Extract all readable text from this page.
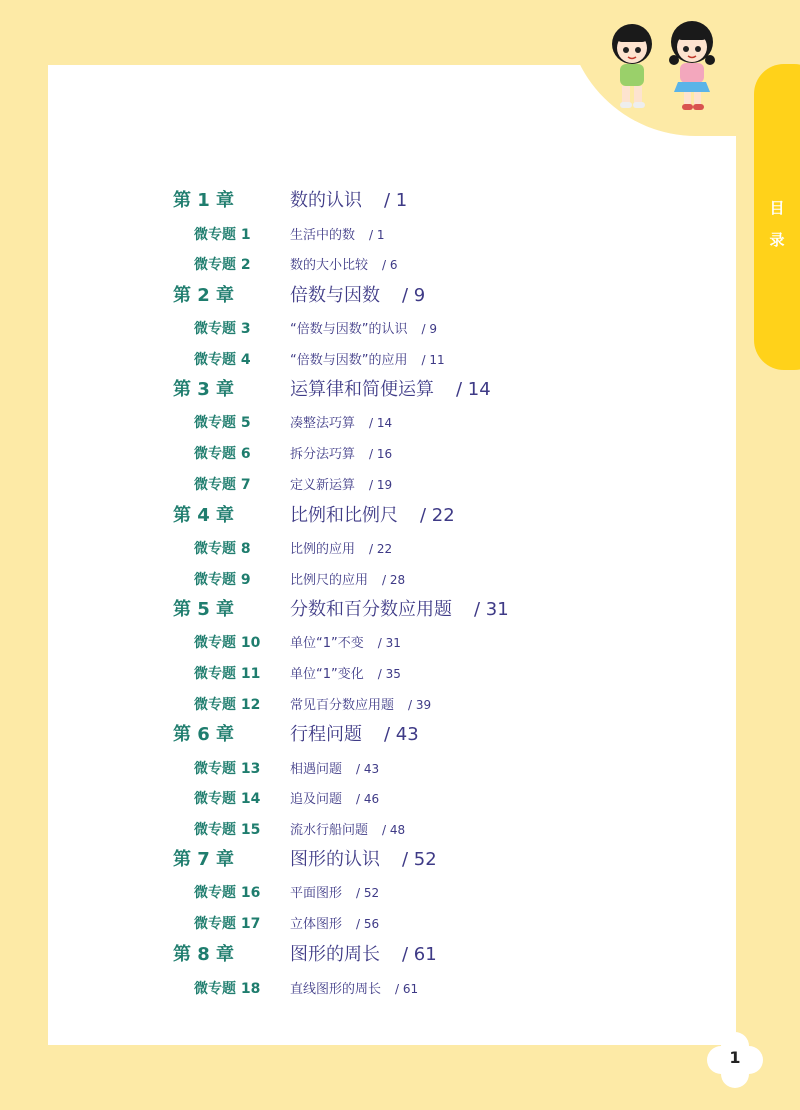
目
录
第 1 章	数的认识 / 1
微专题 1	生活中的数 / 1
微专题 2	数的大小比较 / 6
第 2 章	倍数与因数 / 9
微专题 3	“倍数与因数”的认识 / 9
微专题 4	“倍数与因数”的应用 / 11
第 3 章	运算律和简便运算 / 14
微专题 5	凑整法巧算 / 14
微专题 6	拆分法巧算 / 16
微专题 7	定义新运算 / 19
第 4 章	比例和比例尺 / 22
微专题 8	比例的应用 / 22
微专题 9	比例尺的应用 / 28
第 5 章	分数和百分数应用题 / 31
微专题 10 单位“1”不变 / 31
微专题 11 单位“1”变化 / 35
微专题 12 常见百分数应用题 / 39
第 6 章	行程问题 / 43
微专题 13 相遇问题 / 43
微专题 14 追及问题 / 46
微专题 15 流水行船问题 / 48
第 7 章	图形的认识 / 52
微专题 16 平面图形 / 52
微专题 17 立体图形 / 56
第 8 章	图形的周长 / 61
微专题 18 直线图形的周长 / 61
1
